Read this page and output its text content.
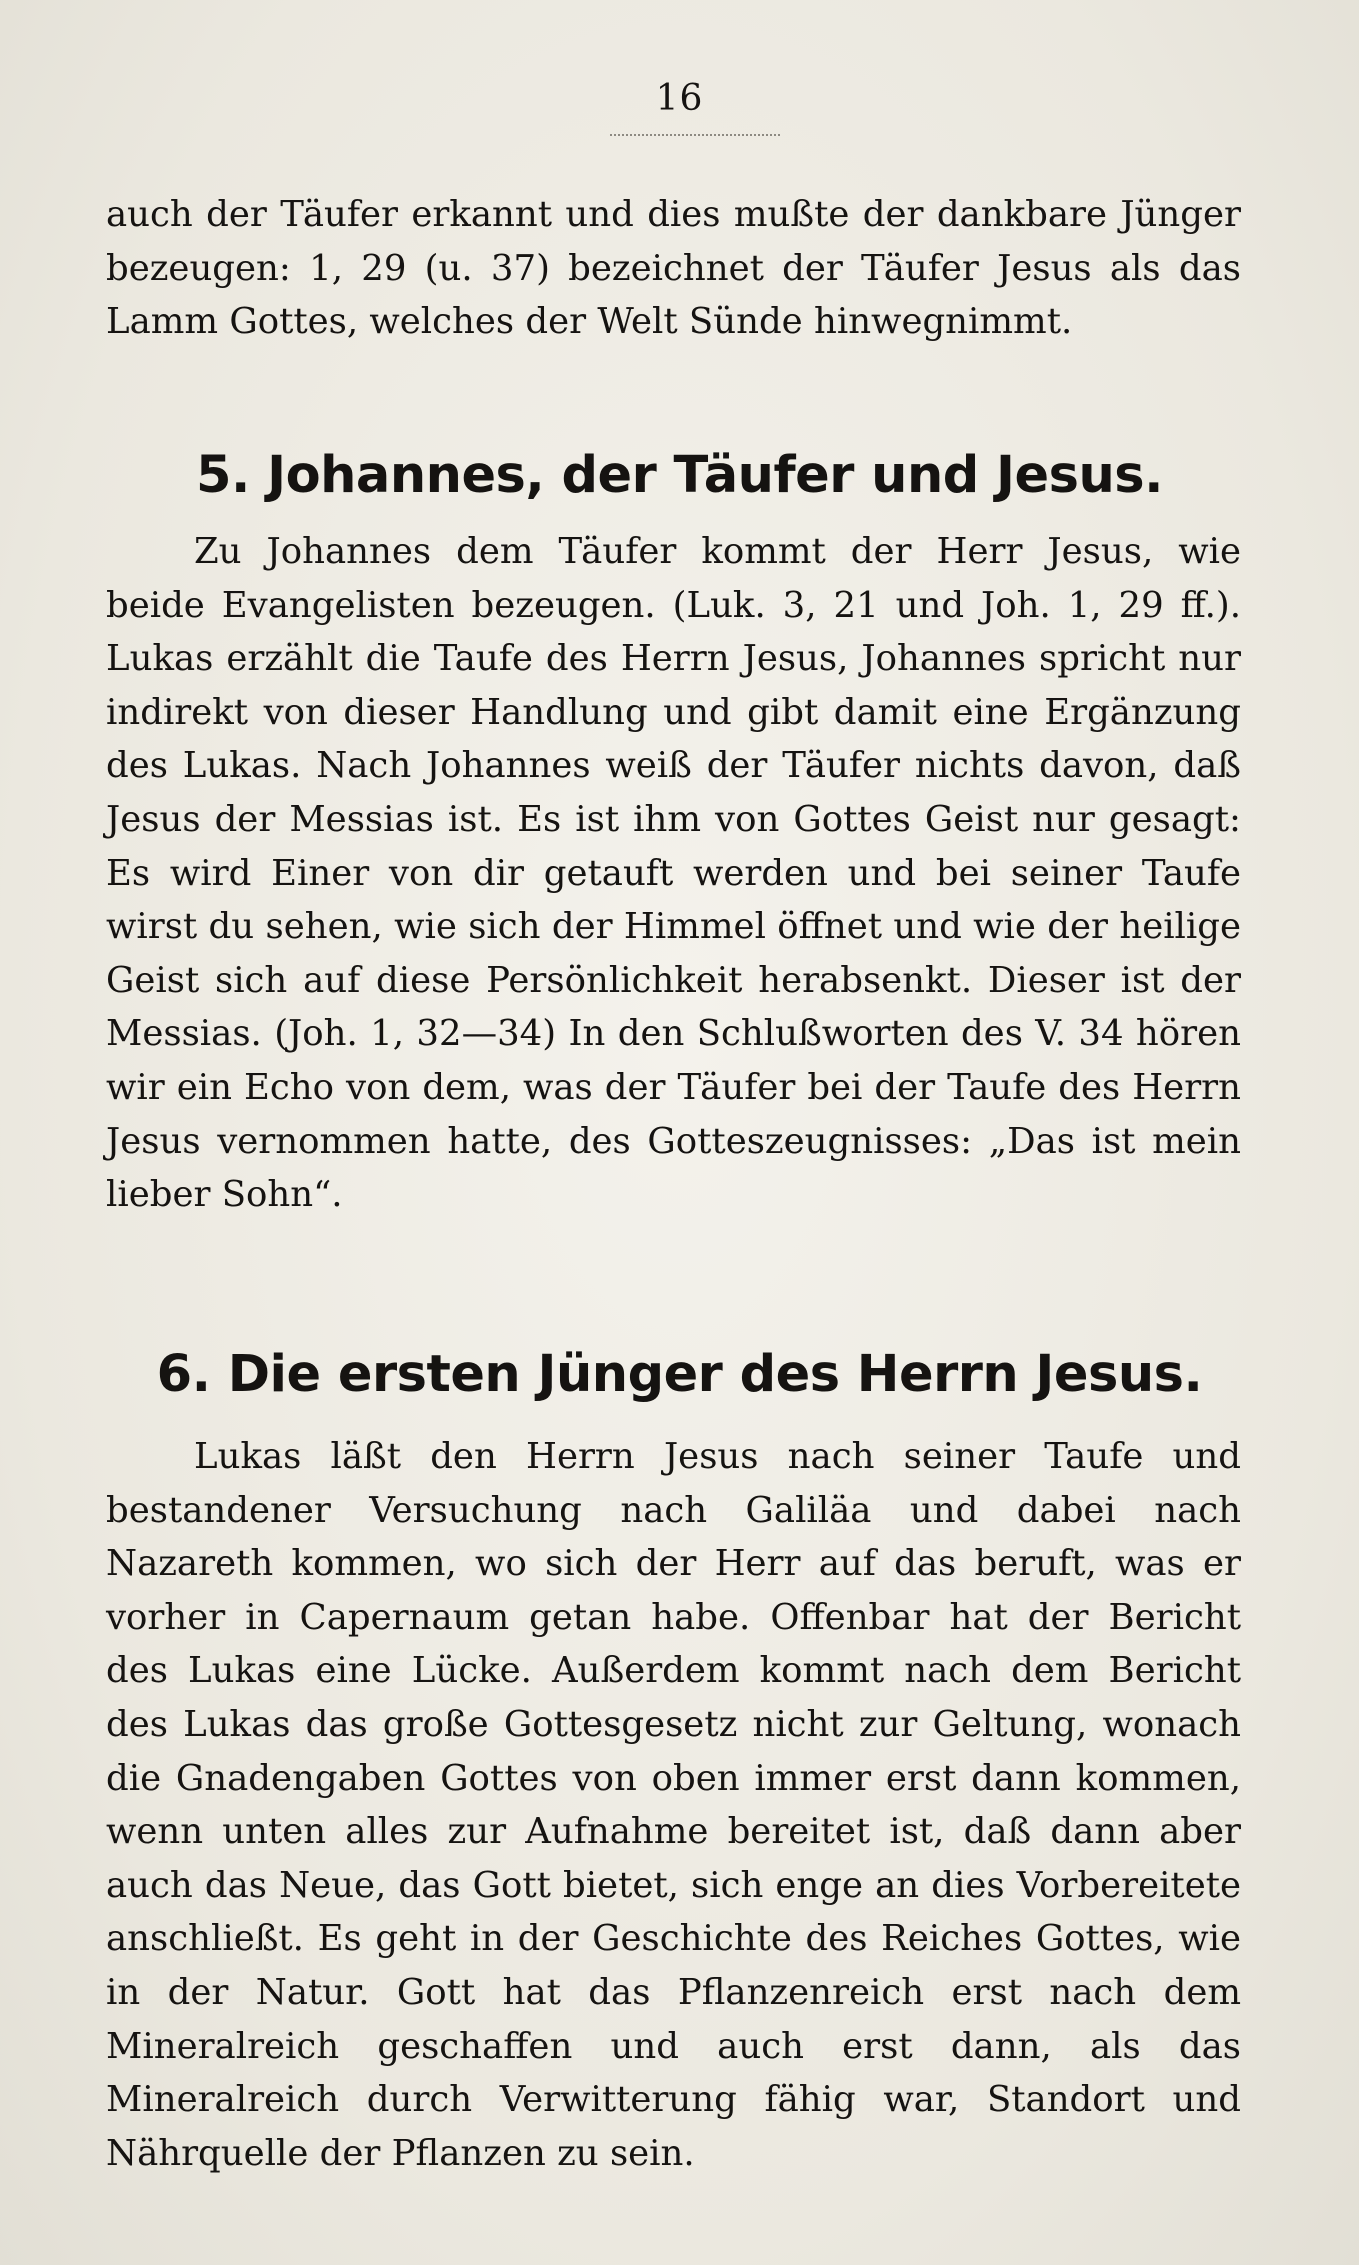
16

auch der Täufer erkannt und dies mußte der dankbare Jünger bezeugen: 1, 29 (u. 37) bezeichnet der Täufer Jesus als das Lamm Gottes, welches der Welt Sünde hinwegnimmt.

5. Johannes, der Täufer und Jesus.

Zu Johannes dem Täufer kommt der Herr Jesus, wie beide Evangelisten bezeugen. (Luk. 3, 21 und Joh. 1, 29 ff.). Lukas erzählt die Taufe des Herrn Jesus, Johannes spricht nur indirekt von dieser Handlung und gibt damit eine Ergänzung des Lukas. Nach Johannes weiß der Täufer nichts davon, daß Jesus der Messias ist. Es ist ihm von Gottes Geist nur gesagt: Es wird Einer von dir getauft werden und bei seiner Taufe wirst du sehen, wie sich der Himmel öffnet und wie der heilige Geist sich auf diese Persönlichkeit herabsenkt. Dieser ist der Messias. (Joh. 1, 32—34) In den Schlußworten des V. 34 hören wir ein Echo von dem, was der Täufer bei der Taufe des Herrn Jesus vernommen hatte, des Gotteszeugnisses: „Das ist mein lieber Sohn“.

6. Die ersten Jünger des Herrn Jesus.

Lukas läßt den Herrn Jesus nach seiner Taufe und bestandener Versuchung nach Galiläa und dabei nach Nazareth kommen, wo sich der Herr auf das beruft, was er vorher in Capernaum getan habe. Offenbar hat der Bericht des Lukas eine Lücke. Außerdem kommt nach dem Bericht des Lukas das große Gottesgesetz nicht zur Geltung, wonach die Gnadengaben Gottes von oben immer erst dann kommen, wenn unten alles zur Aufnahme bereitet ist, daß dann aber auch das Neue, das Gott bietet, sich enge an dies Vorbereitete anschließt. Es geht in der Geschichte des Reiches Gottes, wie in der Natur. Gott hat das Pflanzenreich erst nach dem Mineralreich geschaffen und auch erst dann, als das Mineralreich durch Verwitterung fähig war, Standort und Nährquelle der Pflanzen zu sein.
